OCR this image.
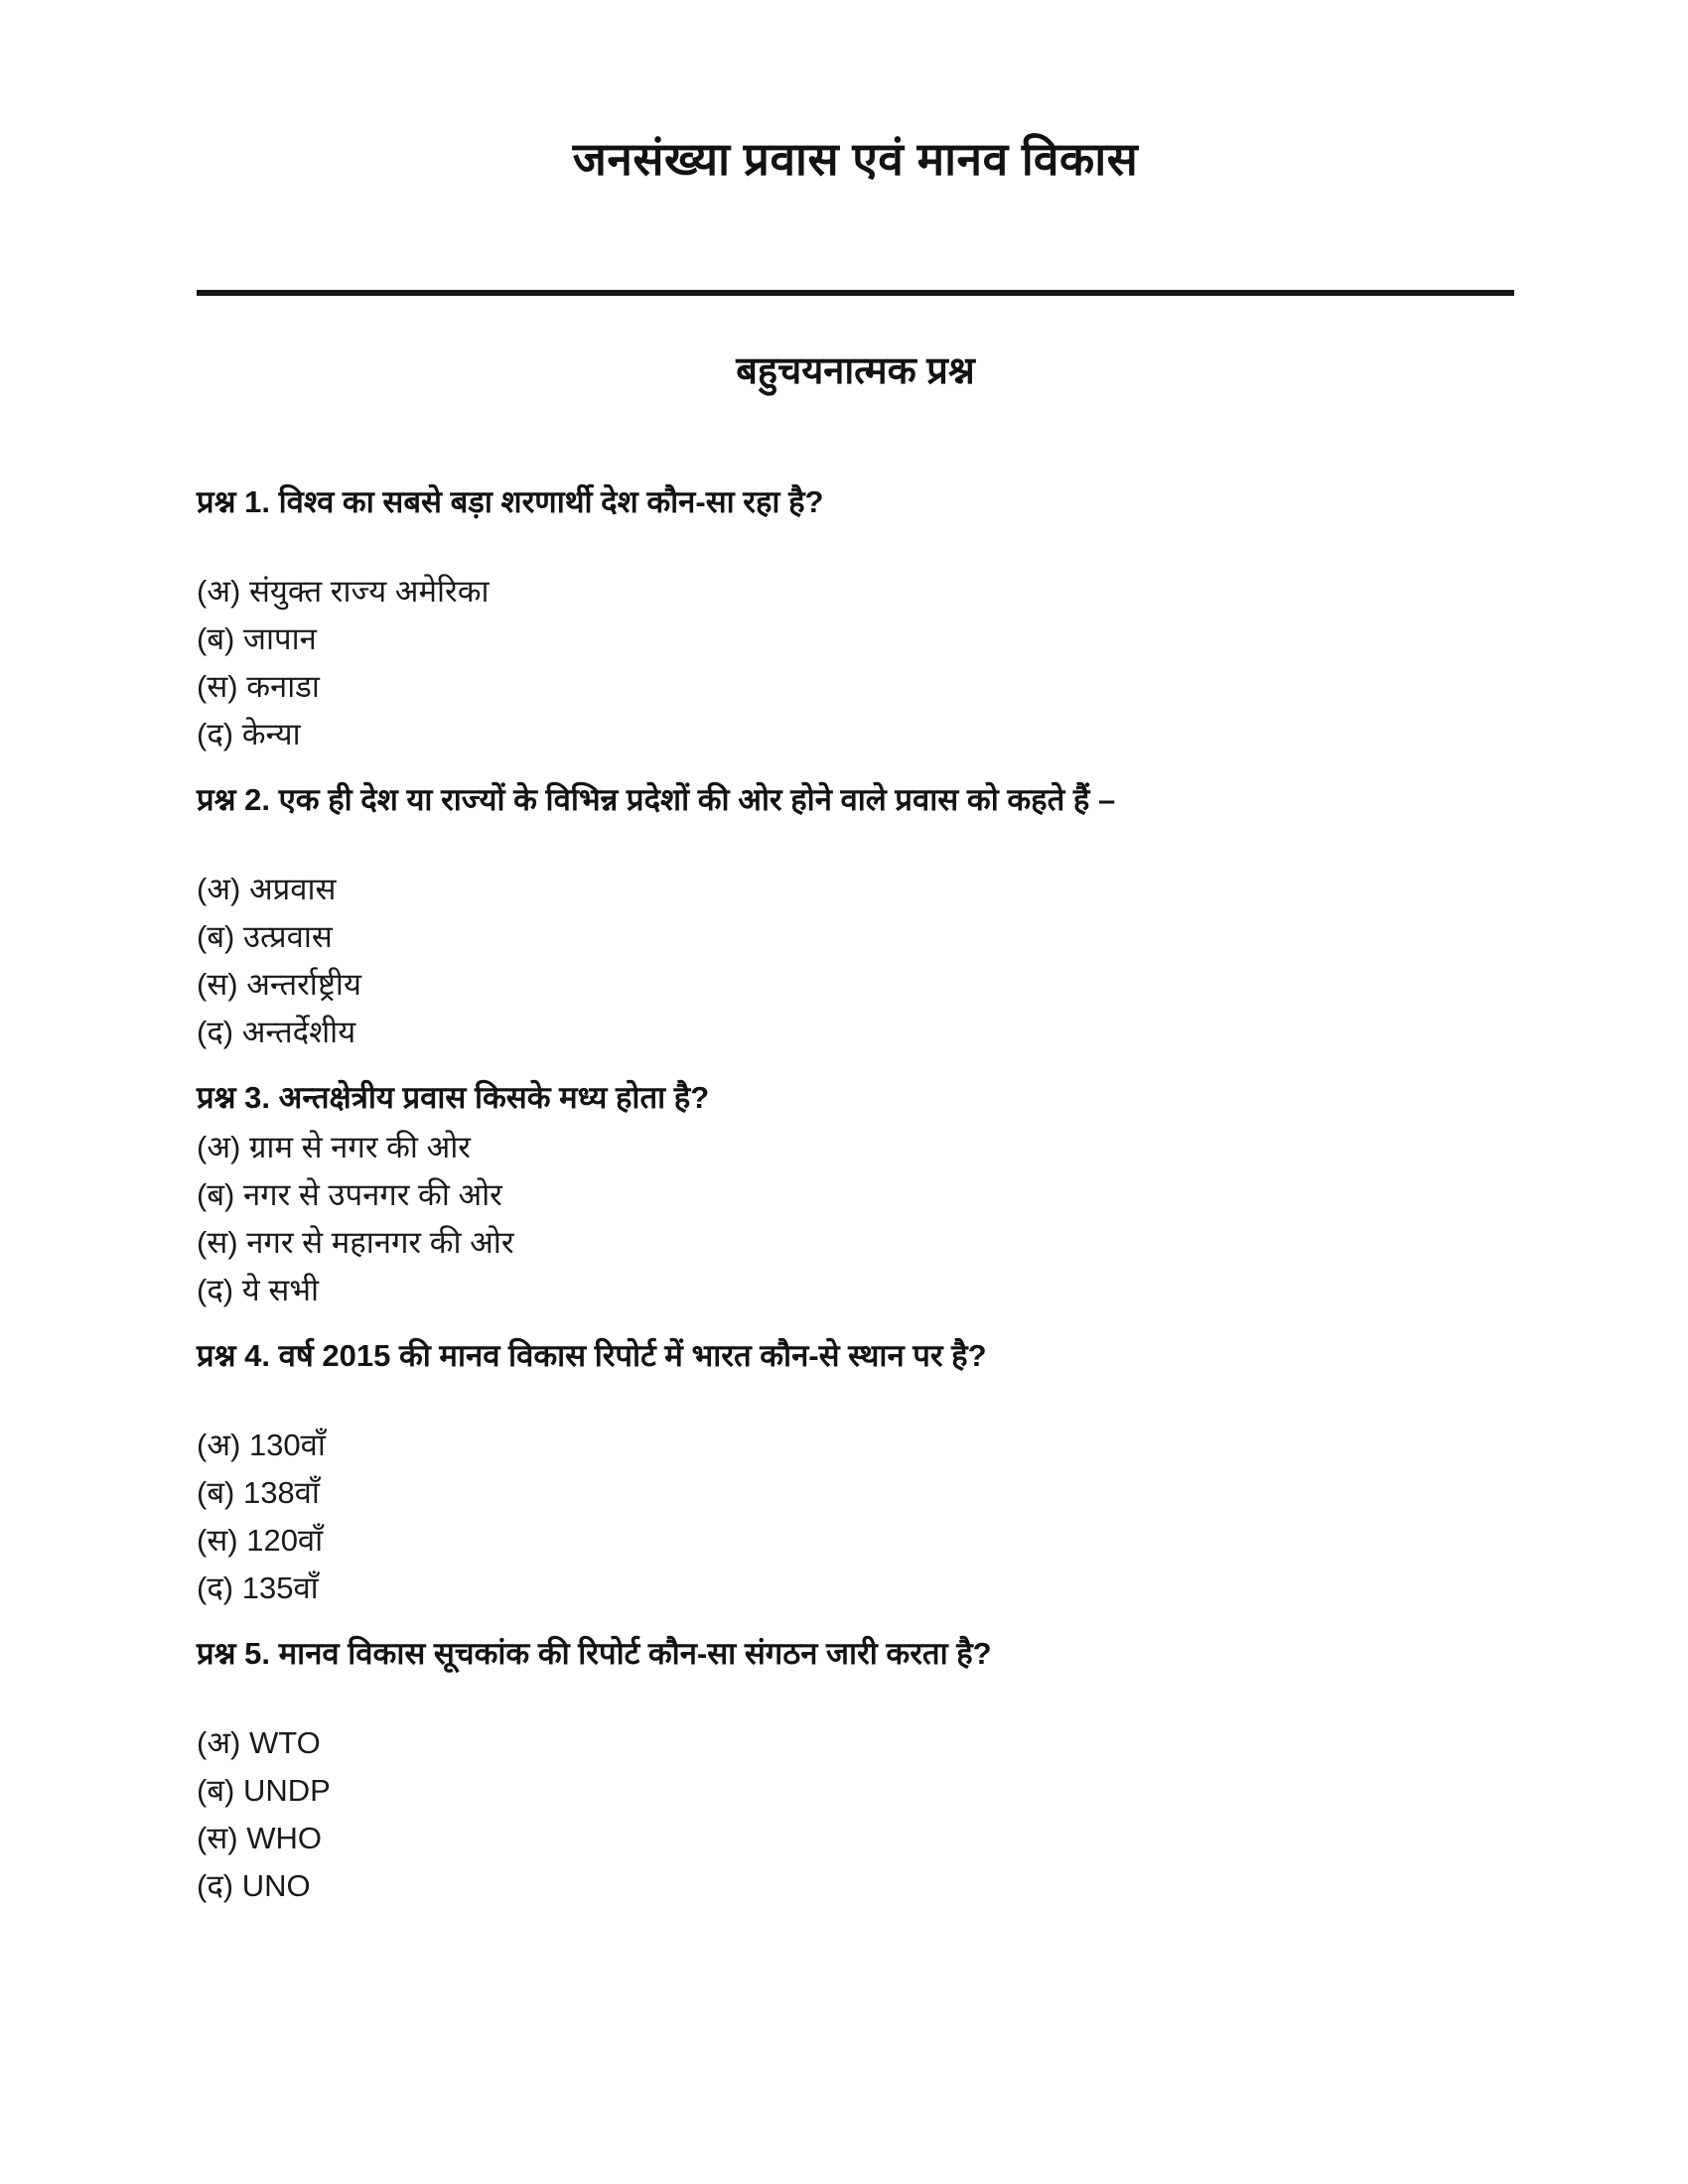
जनसंख्या प्रवास एवं मानव विकास
बहुचयनात्मक प्रश्न

प्रश्न 1. विश्व का सबसे बड़ा शरणार्थी देश कौन-सा रहा है?

(अ) संयुक्त राज्य अमेरिका
(ब) जापान
(स) कनाडा
(द) केन्या

प्रश्न 2. एक ही देश या राज्यों के विभिन्न प्रदेशों की ओर होने वाले प्रवास को कहते हैं –

(अ) अप्रवास
(ब) उत्प्रवास
(स) अन्तर्राष्ट्रीय
(द) अन्तर्देशीय

प्रश्न 3. अन्तक्षेत्रीय प्रवास किसके मध्य होता है?

(अ) ग्राम से नगर की ओर
(ब) नगर से उपनगर की ओर
(स) नगर से महानगर की ओर
(द) ये सभी

प्रश्न 4. वर्ष 2015 की मानव विकास रिपोर्ट में भारत कौन-से स्थान पर है?

(अ) 130वाँ
(ब) 138वाँ
(स) 120वाँ
(द) 135वाँ

प्रश्न 5. मानव विकास सूचकांक की रिपोर्ट कौन-सा संगठन जारी करता है?

(अ) WTO
(ब) UNDP
(स) WHO
(द) UNO
